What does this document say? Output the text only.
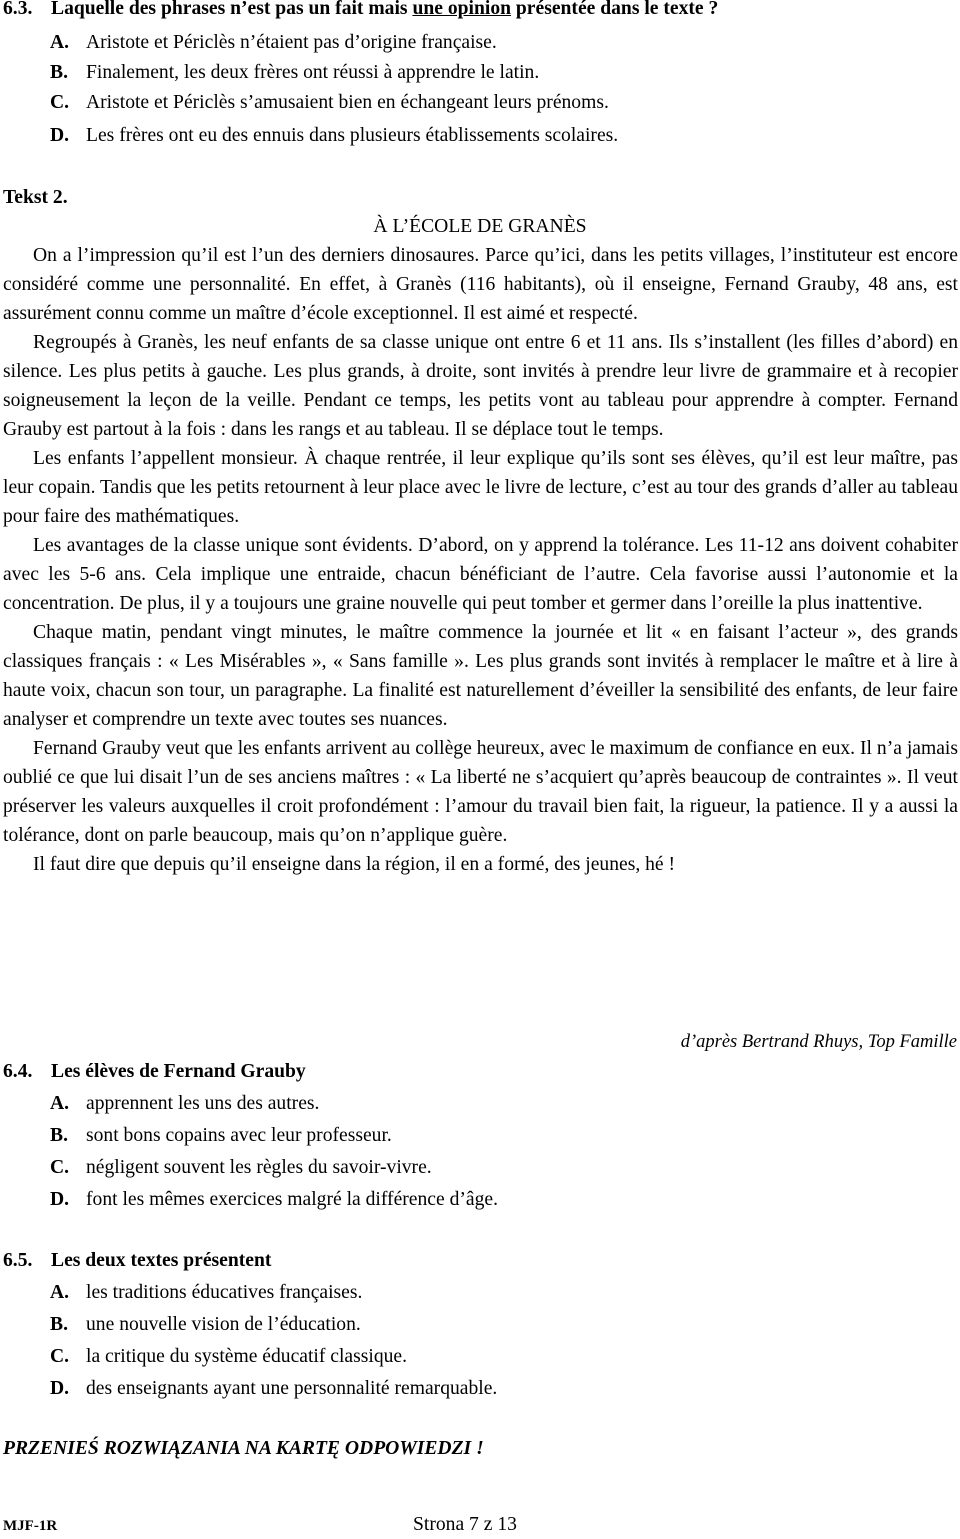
6.3. Laquelle des phrases n’est pas un fait mais une opinion présentée dans le texte ?
A. Aristote et Périclès n’étaient pas d’origine française.
B. Finalement, les deux frères ont réussi à apprendre le latin.
C. Aristote et Périclès s’amusaient bien en échangeant leurs prénoms.
D. Les frères ont eu des ennuis dans plusieurs établissements scolaires.
Tekst 2.
À L’ÉCOLE DE GRANÈS

On a l’impression qu’il est l’un des derniers dinosaures. Parce qu’ici, dans les petits villages, l’instituteur est encore considéré comme une personnalité. En effet, à Granès (116 habitants), où il enseigne, Fernand Grauby, 48 ans, est assurément connu comme un maître d’école exceptionnel. Il est aimé et respecté.

Regroupés à Granès, les neuf enfants de sa classe unique ont entre 6 et 11 ans. Ils s’installent (les filles d’abord) en silence. Les plus petits à gauche. Les plus grands, à droite, sont invités à prendre leur livre de grammaire et à recopier soigneusement la leçon de la veille. Pendant ce temps, les petits vont au tableau pour apprendre à compter. Fernand Grauby est partout à la fois : dans les rangs et au tableau. Il se déplace tout le temps.

Les enfants l’appellent monsieur. À chaque rentrée, il leur explique qu’ils sont ses élèves, qu’il est leur maître, pas leur copain. Tandis que les petits retournent à leur place avec le livre de lecture, c’est au tour des grands d’aller au tableau pour faire des mathématiques.

Les avantages de la classe unique sont évidents. D’abord, on y apprend la tolérance. Les 11-12 ans doivent cohabiter avec les 5-6 ans. Cela implique une entraide, chacun bénéficiant de l’autre. Cela favorise aussi l’autonomie et la concentration. De plus, il y a toujours une graine nouvelle qui peut tomber et germer dans l’oreille la plus inattentive.

Chaque matin, pendant vingt minutes, le maître commence la journée et lit « en faisant l’acteur », des grands classiques français : « Les Misérables », « Sans famille ». Les plus grands sont invités à remplacer le maître et à lire à haute voix, chacun son tour, un paragraphe. La finalité est naturellement d’éveiller la sensibilité des enfants, de leur faire analyser et comprendre un texte avec toutes ses nuances.

Fernand Grauby veut que les enfants arrivent au collège heureux, avec le maximum de confiance en eux. Il n’a jamais oublié ce que lui disait l’un de ses anciens maîtres : « La liberté ne s’acquiert qu’après beaucoup de contraintes ». Il veut préserver les valeurs auxquelles il croit profondément : l’amour du travail bien fait, la rigueur, la patience. Il y a aussi la tolérance, dont on parle beaucoup, mais qu’on n’applique guère.

Il faut dire que depuis qu’il enseigne dans la région, il en a formé, des jeunes, hé !

d’après Bertrand Rhuys, Top Famille
6.4. Les élèves de Fernand Grauby
A. apprennent les uns des autres.
B. sont bons copains avec leur professeur.
C. négligent souvent les règles du savoir-vivre.
D. font les mêmes exercices malgré la différence d’âge.
6.5. Les deux textes présentent
A. les traditions éducatives françaises.
B. une nouvelle vision de l’éducation.
C. la critique du système éducatif classique.
D. des enseignants ayant une personnalité remarquable.
PRZENIEŚ ROZWIĄZANIA NA KARTĘ ODPOWIEDZI !
MJF-1R	Strona 7 z 13
